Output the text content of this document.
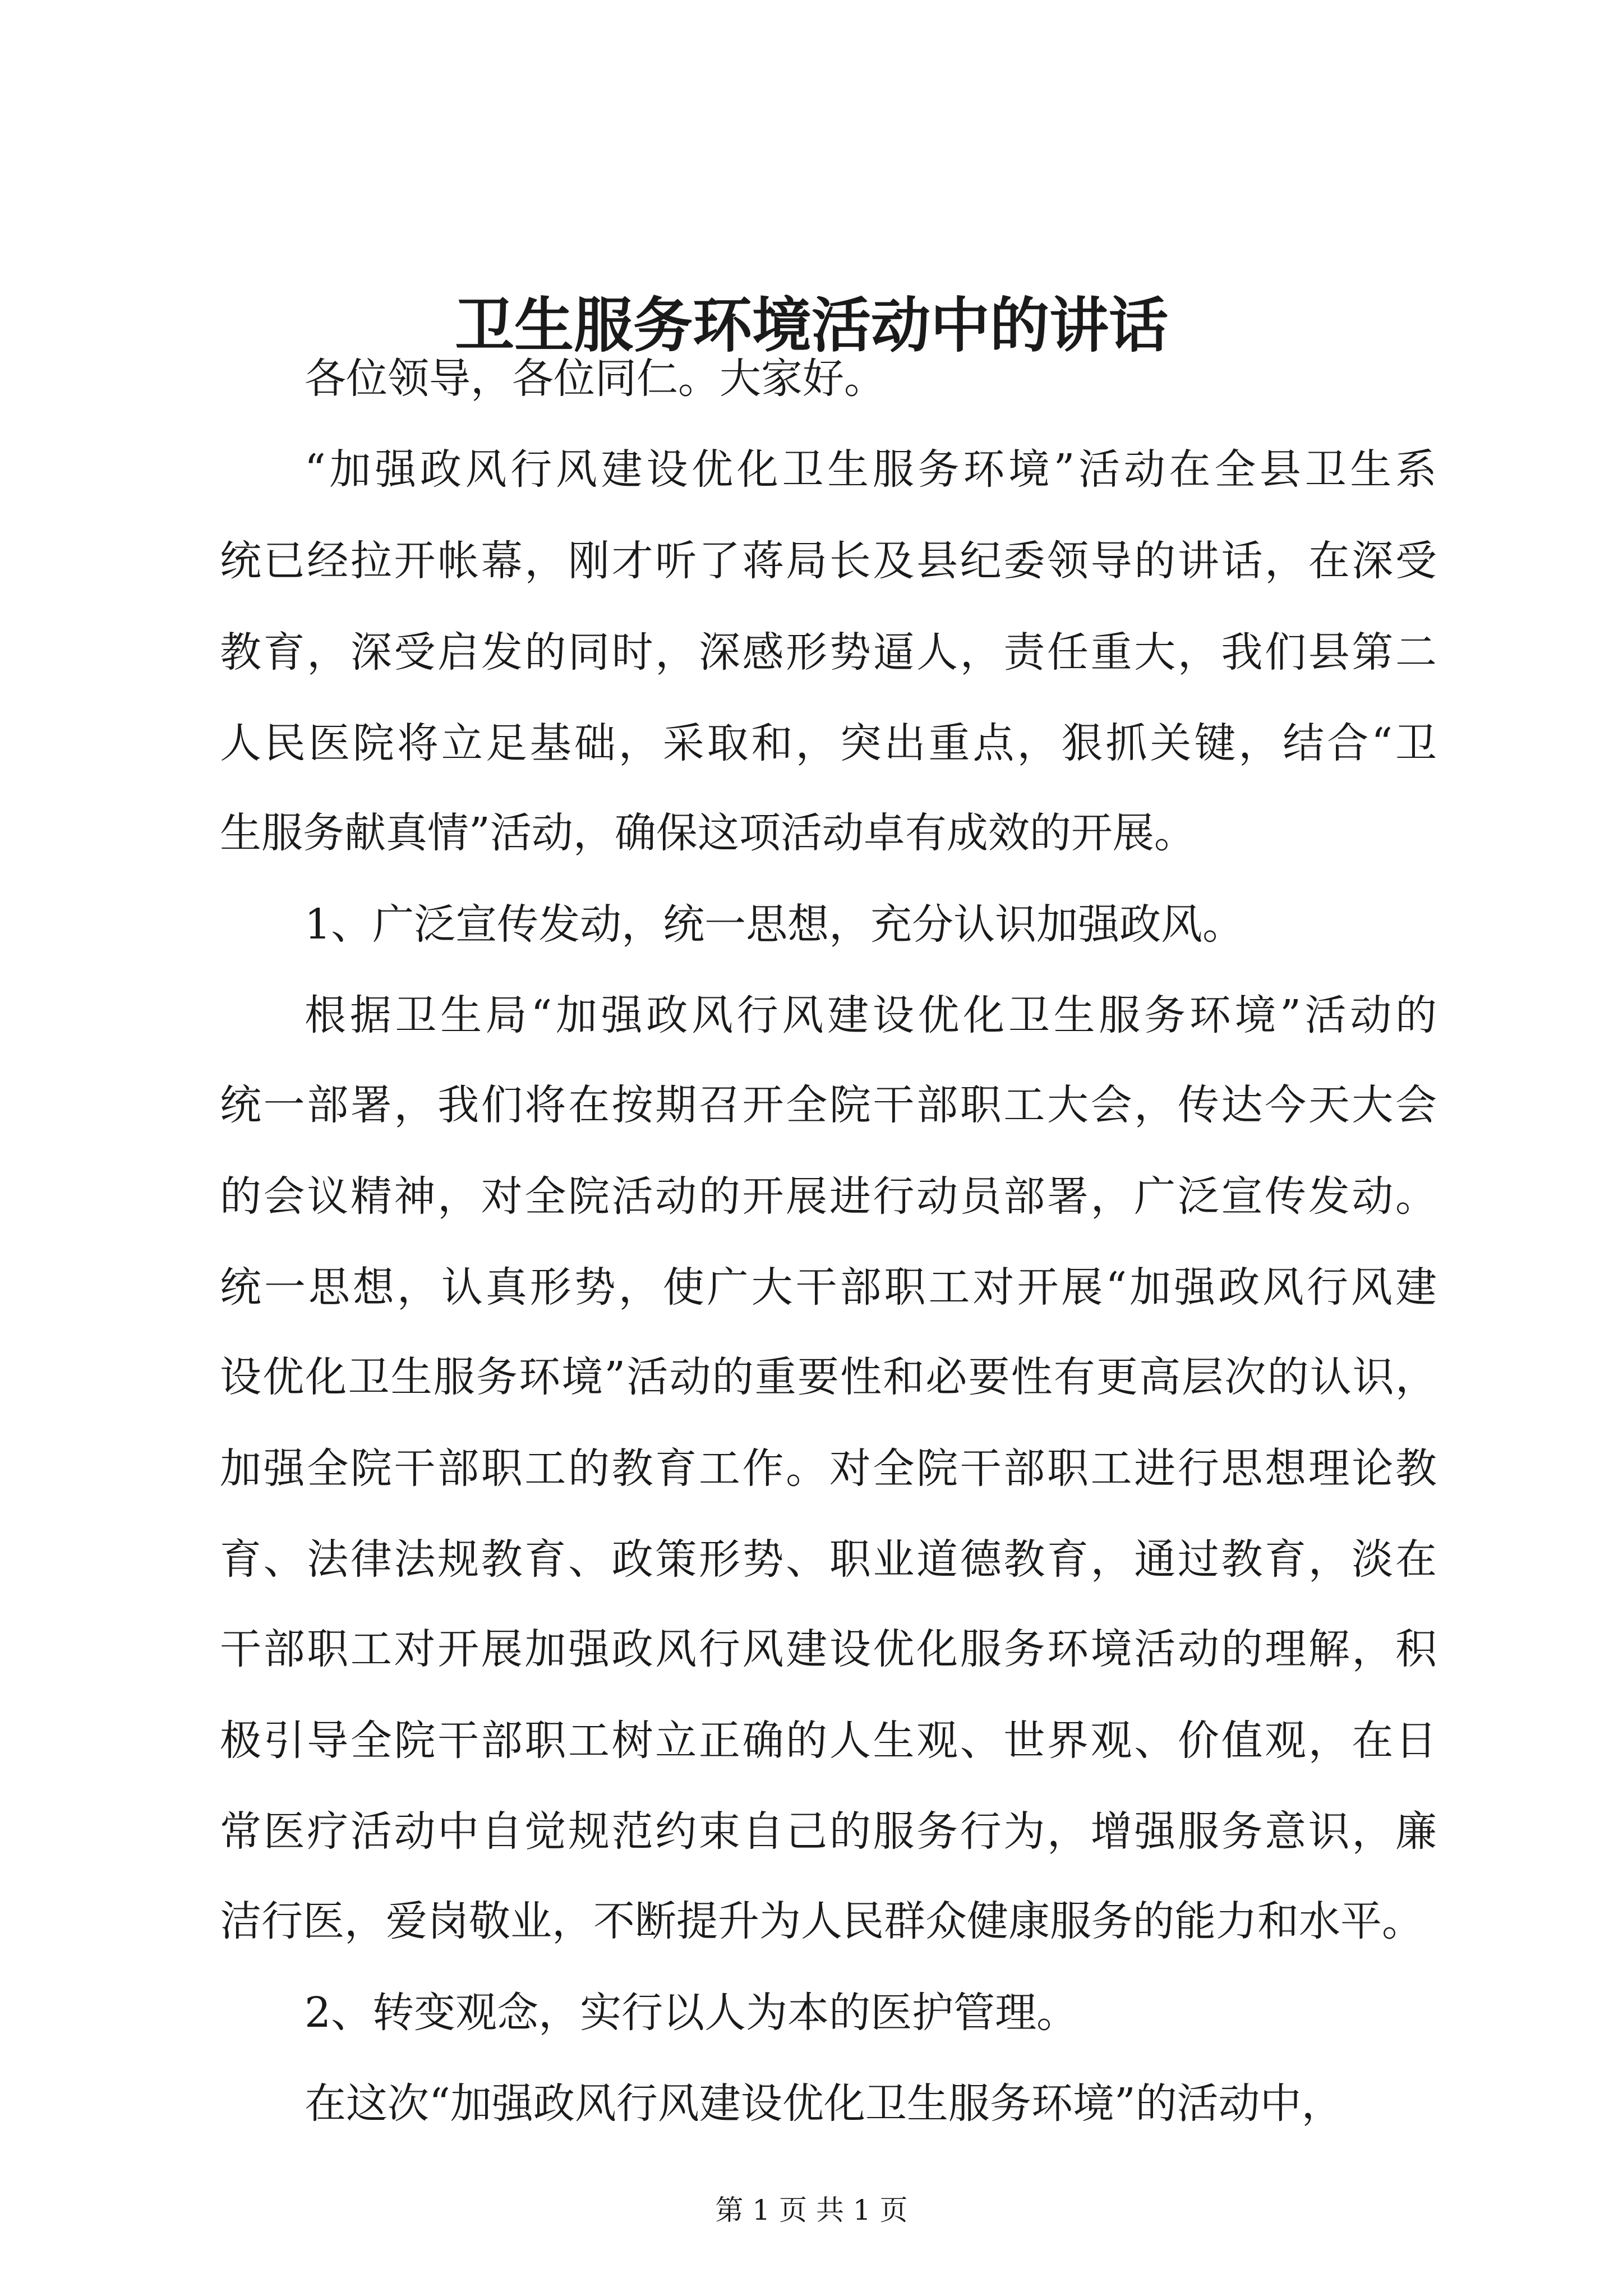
卫生服务环境活动中的讲话
各位领导，各位同仁。大家好。
“加强政风行风建设优化卫生服务环境”活动在全县卫生系
统已经拉开帐幕，刚才听了蒋局长及县纪委领导的讲话，在深受
教育，深受启发的同时，深感形势逼人，责任重大，我们县第二
人民医院将立足基础，采取和，突出重点，狠抓关键，结合“卫
生服务献真情”活动，确保这项活动卓有成效的开展。
1、广泛宣传发动，统一思想，充分认识加强政风。
根据卫生局“加强政风行风建设优化卫生服务环境”活动的
统一部署，我们将在按期召开全院干部职工大会，传达今天大会
的会议精神，对全院活动的开展进行动员部署，广泛宣传发动。
统一思想，认真形势，使广大干部职工对开展“加强政风行风建
设优化卫生服务环境”活动的重要性和必要性有更高层次的认识，
加强全院干部职工的教育工作。对全院干部职工进行思想理论教
育、法律法规教育、政策形势、职业道德教育，通过教育，淡在
干部职工对开展加强政风行风建设优化服务环境活动的理解，积
极引导全院干部职工树立正确的人生观、世界观、价值观，在日
常医疗活动中自觉规范约束自己的服务行为，增强服务意识，廉
洁行医，爱岗敬业，不断提升为人民群众健康服务的能力和水平。
2、转变观念，实行以人为本的医护管理。
在这次“加强政风行风建设优化卫生服务环境”的活动中，
第 1 页 共 1 页
